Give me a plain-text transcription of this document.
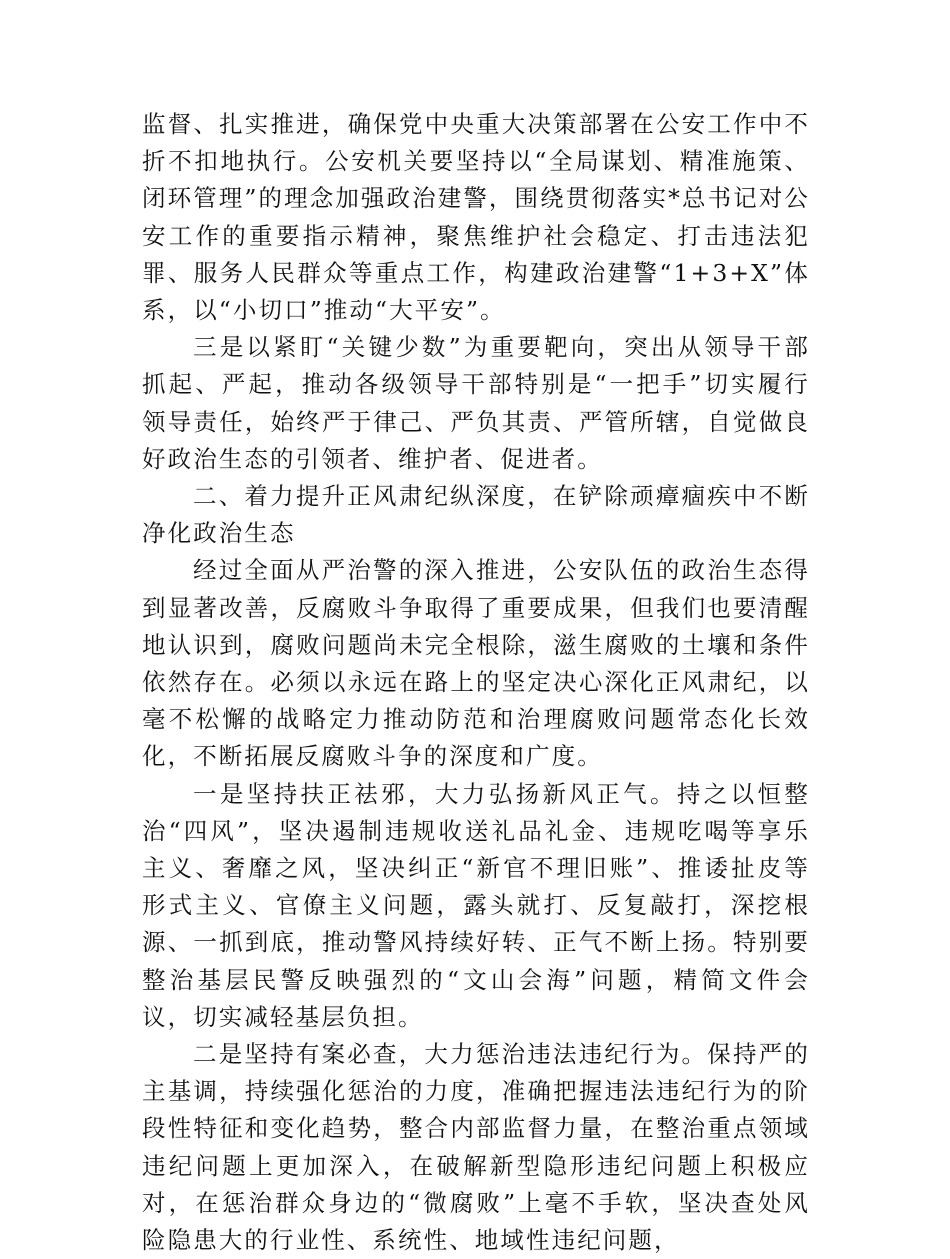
监督、扎实推进，确保党中央重大决策部署在公安工作中不折不扣地执行。公安机关要坚持以“全局谋划、精准施策、闭环管理”的理念加强政治建警，围绕贯彻落实*总书记对公安工作的重要指示精神，聚焦维护社会稳定、打击违法犯罪、服务人民群众等重点工作，构建政治建警“1+3+X”体系，以“小切口”推动“大平安”。

三是以紧盯“关键少数”为重要靶向，突出从领导干部抓起、严起，推动各级领导干部特别是“一把手”切实履行领导责任，始终严于律己、严负其责、严管所辖，自觉做良好政治生态的引领者、维护者、促进者。

二、着力提升正风肃纪纵深度，在铲除顽瘴痼疾中不断净化政治生态

经过全面从严治警的深入推进，公安队伍的政治生态得到显著改善，反腐败斗争取得了重要成果，但我们也要清醒地认识到，腐败问题尚未完全根除，滋生腐败的土壤和条件依然存在。必须以永远在路上的坚定决心深化正风肃纪，以毫不松懈的战略定力推动防范和治理腐败问题常态化长效化，不断拓展反腐败斗争的深度和广度。

一是坚持扶正祛邪，大力弘扬新风正气。持之以恒整治“四风”，坚决遏制违规收送礼品礼金、违规吃喝等享乐主义、奢靡之风，坚决纠正“新官不理旧账”、推诿扯皮等形式主义、官僚主义问题，露头就打、反复敲打，深挖根源、一抓到底，推动警风持续好转、正气不断上扬。特别要整治基层民警反映强烈的“文山会海”问题，精简文件会议，切实减轻基层负担。

二是坚持有案必查，大力惩治违法违纪行为。保持严的主基调，持续强化惩治的力度，准确把握违法违纪行为的阶段性特征和变化趋势，整合内部监督力量，在整治重点领域违纪问题上更加深入，在破解新型隐形违纪问题上积极应对，在惩治群众身边的“微腐败”上毫不手软，坚决查处风险隐患大的行业性、系统性、地域性违纪问题，
